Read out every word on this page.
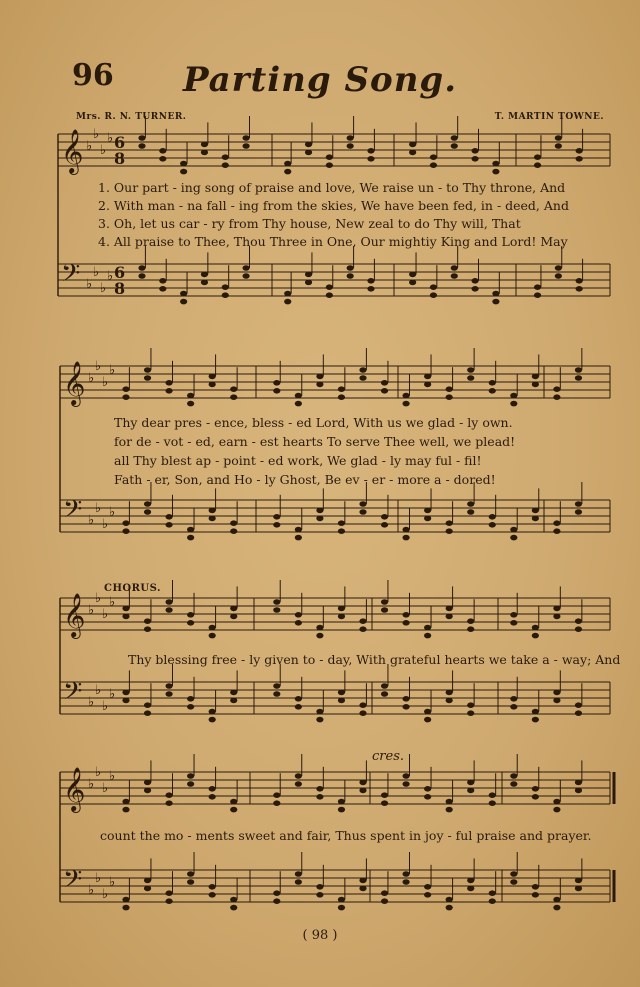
96	Parting Song.
Mrs. R. N. TURNER.	T. MARTIN TOWNE.
𝄞 ♭
♭
♭
♭
𝄢 ♭
♭
♭
♭
𝄞 ♭
♭
♭
♭
𝄢 ♭
♭
♭
♭
𝄞 ♭
♭
♭
♭
𝄢 ♭
♭
♭
♭
𝄞 ♭
♭
♭
♭
𝄢 ♭
♭
♭
♭
6
8
6
8
1. Our part - ing song of praise and love, We raise un - to Thy throne, And
2. With man - na fall - ing from the skies, We have been fed, in - deed, And
3. Oh, let us car - ry from Thy house, New zeal to do Thy will, That
4. All praise to Thee, Thou Three in One, Our mightiy King and Lord! May
Thy dear pres - ence, bless - ed Lord, With us we glad - ly own.
for de - vot - ed, earn - est hearts To serve Thee well, we plead!
all Thy blest ap - point - ed work, We glad - ly may ful - fil!
Fath - er, Son, and Ho - ly Ghost, Be ev - er - more a - dored!
CHORUS.
Thy blessing free - ly given to - day, With grateful hearts we take a - way; And
cres.
count the mo - ments sweet and fair, Thus spent in joy - ful praise and prayer.
( 98 )
